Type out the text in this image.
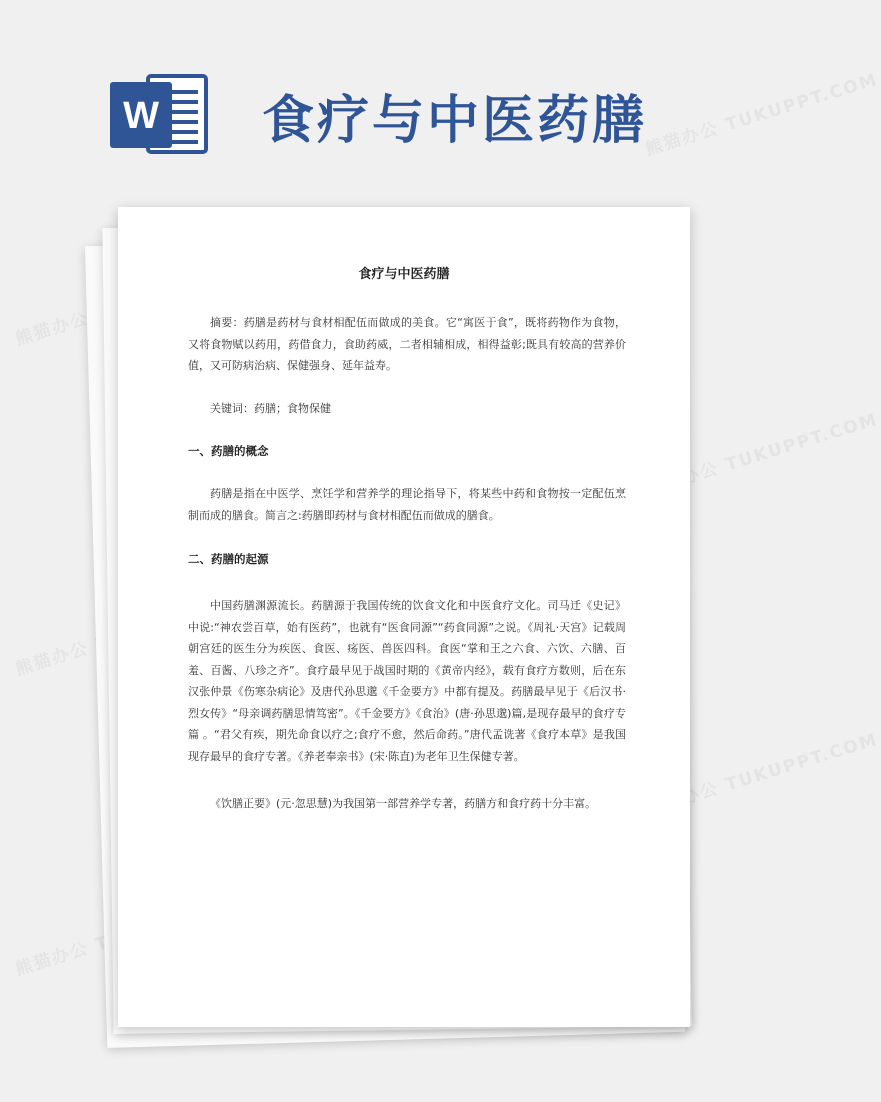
熊猫办公
熊猫办公 TUKUPPT.COM
熊猫办公
熊猫办公
熊猫办公 TUKUPPT.COM
熊猫办公 TUKUPPT.COM
W 食疗与中医药膳
食疗与中医药膳
摘要：药膳是药材与食材相配伍而做成的美食。它“寓医于食”，既将药物作为食物，又将食物赋以药用，药借食力，食助药威，二者相辅相成，相得益彰;既具有较高的营养价值，又可防病治病、保健强身、延年益寿。
关键词：药膳；食物保健
一、药膳的概念
药膳是指在中医学、烹饪学和营养学的理论指导下，将某些中药和食物按一定配伍烹制而成的膳食。简言之:药膳即药材与食材相配伍而做成的膳食。
二、药膳的起源
中国药膳渊源流长。药膳源于我国传统的饮食文化和中医食疗文化。司马迁《史记》中说:“神农尝百草，始有医药”，也就有“医食同源”“药食同源”之说。《周礼·天宫》记载周朝宫廷的医生分为疾医、食医、疡医、兽医四科。食医“掌和王之六食、六饮、六膳、百羞、百酱、八珍之齐”。食疗最早见于战国时期的《黄帝内经》，载有食疗方数则，后在东汉张仲景《伤寒杂病论》及唐代孙思邈《千金要方》中都有提及。药膳最早见于《后汉书·烈女传》“母亲调药膳思情笃密”。《千金要方》《食治》(唐·孙思邈)篇,是现存最早的食疗专篇 。“君父有疾，期先命食以疗之;食疗不愈，然后命药。”唐代孟诜著《食疗本草》是我国现存最早的食疗专著。《养老奉亲书》(宋·陈直)为老年卫生保健专著。
《饮膳正要》(元·忽思慧)为我国第一部营养学专著，药膳方和食疗药十分丰富。
